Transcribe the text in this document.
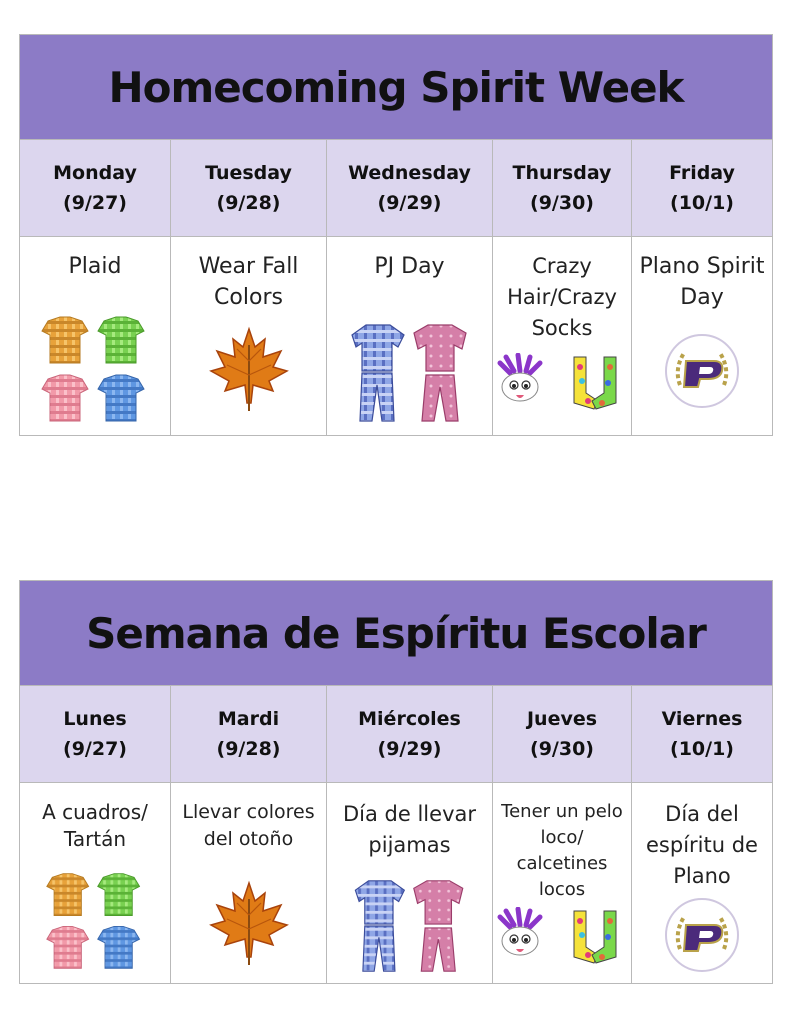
Homecoming Spirit Week
Monday
(9/27)
Tuesday
(9/28)
Wednesday
(9/29)
Thursday
(9/30)
Friday
(10/1)
Plaid	Wear Fall Colors
PJ Day	Crazy Hair/Crazy Socks
Plano Spirit Day
Semana de Espíritu Escolar
Lunes
(9/27)
Mardi
(9/28)
Miércoles
(9/29)
Jueves
(9/30)
Viernes
(10/1)
A cuadros/ Tartán
Llevar colores del otoño
Día de llevar pijamas
Tener un pelo loco/ calcetines locos
Día del espíritu de Plano
